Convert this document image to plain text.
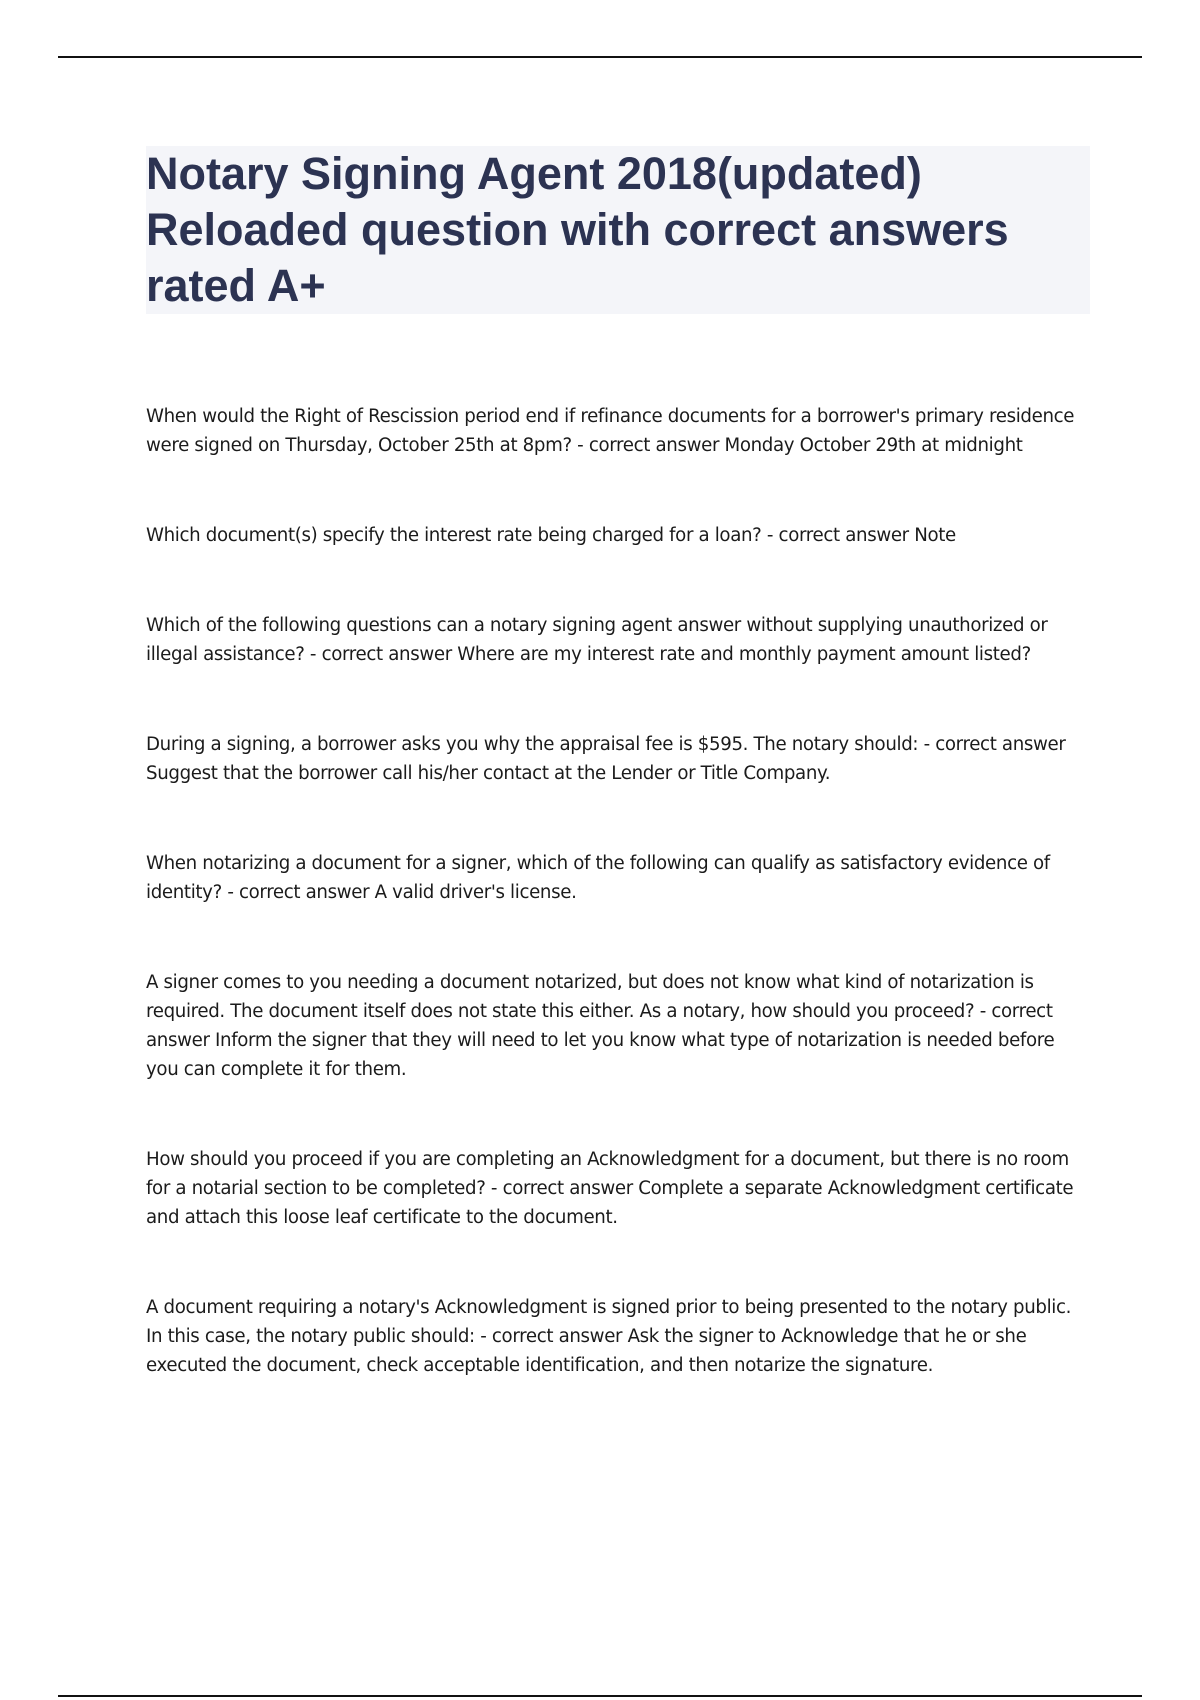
Notary Signing Agent 2018(updated) Reloaded question with correct answers rated A+

When would the Right of Rescission period end if refinance documents for a borrower's primary residence were signed on Thursday, October 25th at 8pm? - correct answer Monday October 29th at midnight

Which document(s) specify the interest rate being charged for a loan? - correct answer Note

Which of the following questions can a notary signing agent answer without supplying unauthorized or illegal assistance? - correct answer Where are my interest rate and monthly payment amount listed?

During a signing, a borrower asks you why the appraisal fee is $595. The notary should: - correct answer Suggest that the borrower call his/her contact at the Lender or Title Company.

When notarizing a document for a signer, which of the following can qualify as satisfactory evidence of identity? - correct answer A valid driver's license.

A signer comes to you needing a document notarized, but does not know what kind of notarization is required. The document itself does not state this either. As a notary, how should you proceed? - correct answer Inform the signer that they will need to let you know what type of notarization is needed before you can complete it for them.

How should you proceed if you are completing an Acknowledgment for a document, but there is no room for a notarial section to be completed? - correct answer Complete a separate Acknowledgment certificate and attach this loose leaf certificate to the document.

A document requiring a notary's Acknowledgment is signed prior to being presented to the notary public. In this case, the notary public should: - correct answer Ask the signer to Acknowledge that he or she executed the document, check acceptable identification, and then notarize the signature.
